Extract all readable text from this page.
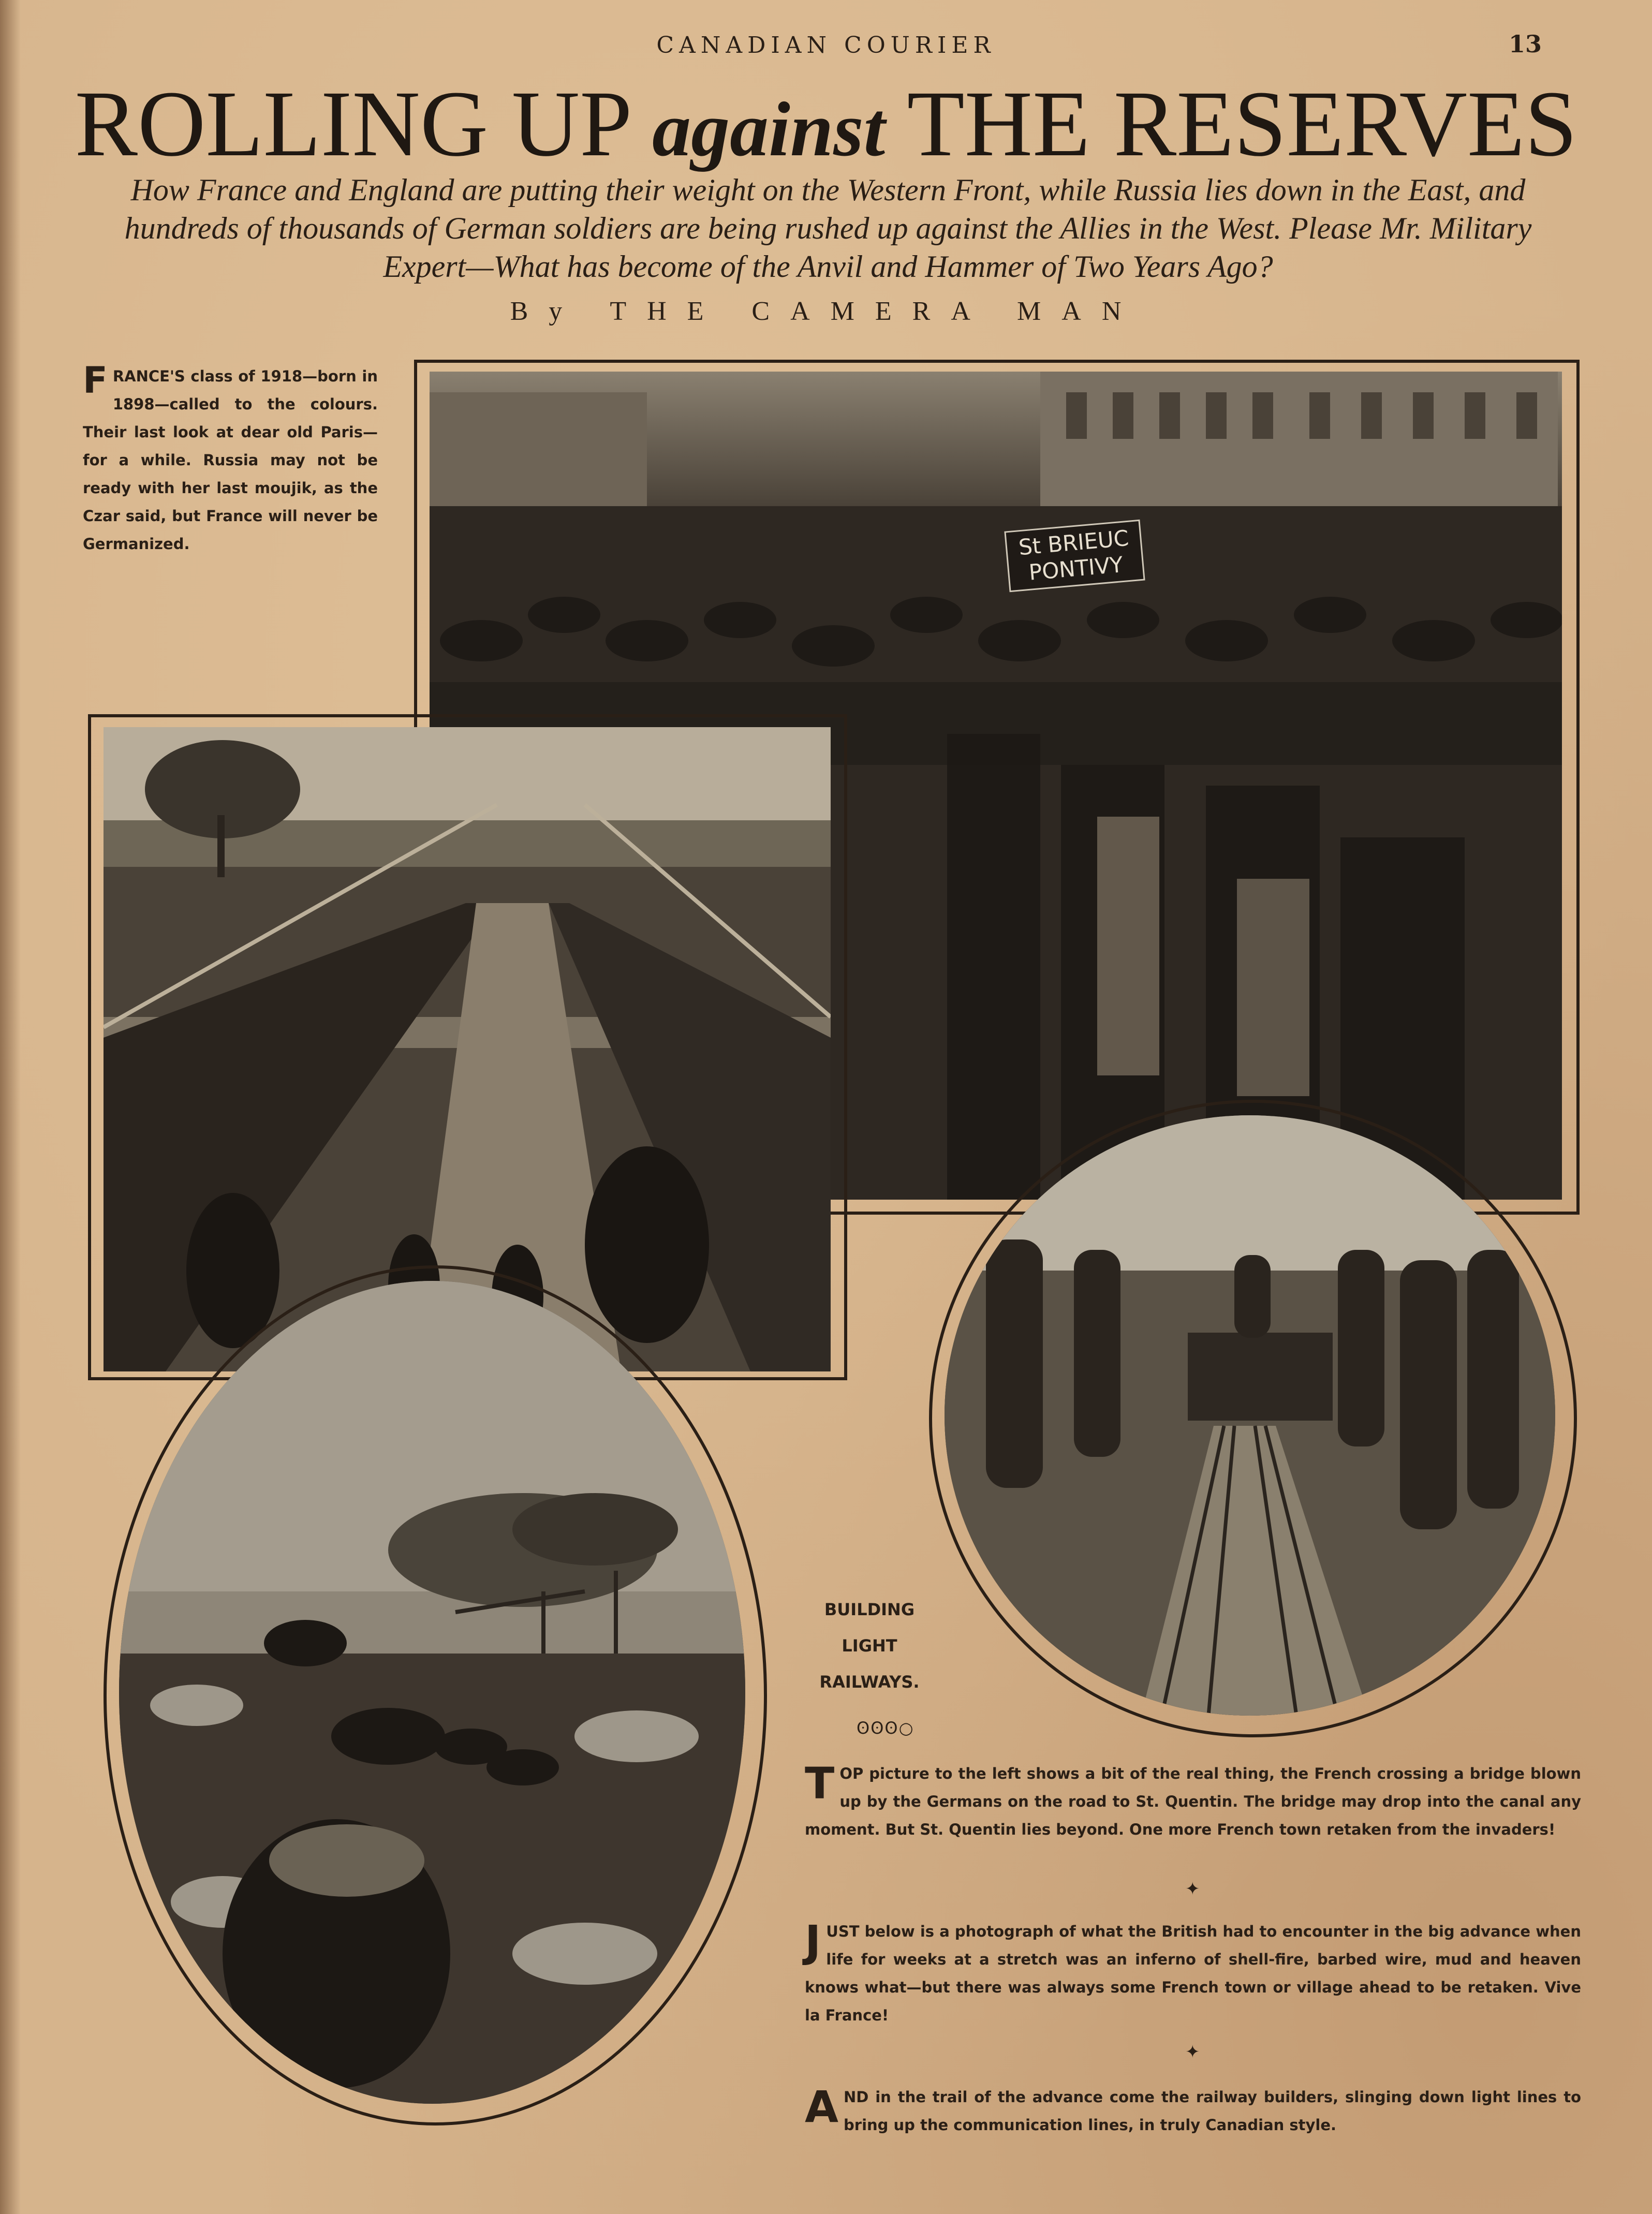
CANADIAN COURIER	13
ROLLING UP against THE RESERVES
How France and England are putting their weight on the Western Front, while Russia lies down in the East, and hundreds of thousands of German soldiers are being rushed up against the Allies in the West. Please Mr. Military Expert—What has become of the Anvil and Hammer of Two Years Ago?
By THE CAMERA MAN
FRANCE'S class of 1918—born in 1898—called to the colours. Their last look at dear old Paris—for a while. Russia may not be ready with her last moujik, as the Czar said, but France will never be Germanized.	St BRIEUC
PONTIVY
BUILDING
LIGHT
RAILWAYS.
ʘʘʘ○
TOP picture to the left shows a bit of the real thing, the French crossing a bridge blown up by the Germans on the road to St. Quentin. The bridge may drop into the canal any moment. But St. Quentin lies beyond. One more French town retaken from the invaders!
✦
JUST below is a photograph of what the British had to encounter in the big advance when life for weeks at a stretch was an inferno of shell-fire, barbed wire, mud and heaven knows what—but there was always some French town or village ahead to be retaken. Vive la France!
✦
AND in the trail of the advance come the railway builders, slinging down light lines to bring up the communication lines, in truly Canadian style.
